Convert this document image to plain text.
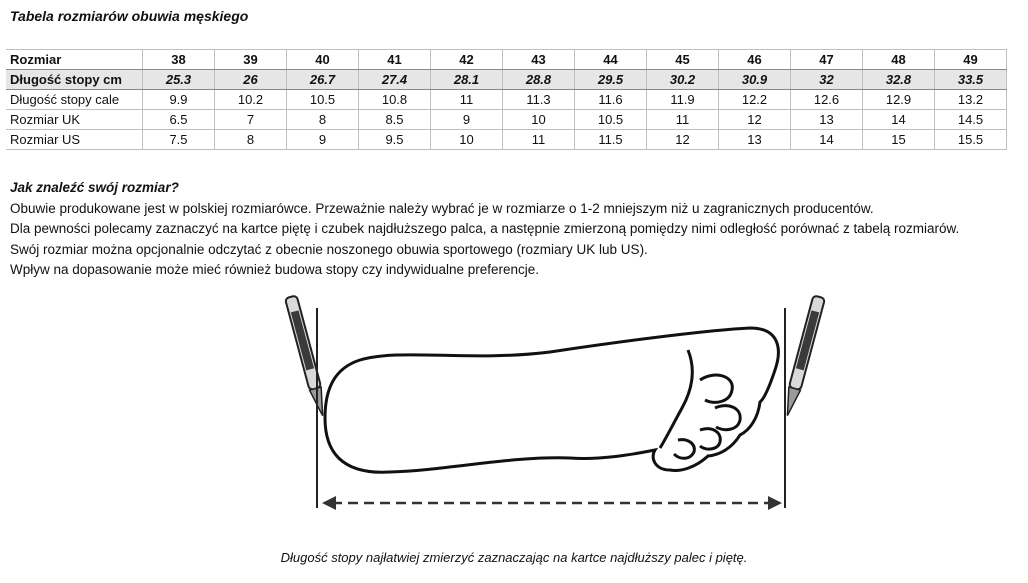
Tabela rozmiarów obuwia męskiego
Rozmiar	38	39	40	41	42	43	44	45	46	47	48	49
Długość stopy cm	25.3	26	26.7	27.4	28.1	28.8	29.5	30.2	30.9	32	32.8	33.5
Długość stopy cale	9.9	10.2	10.5	10.8	11	11.3	11.6	11.9	12.2	12.6	12.9	13.2
Rozmiar UK	6.5	7	8	8.5	9	10	10.5	11	12	13	14	14.5
Rozmiar US	7.5	8	9	9.5	10	11	11.5	12	13	14	15	15.5
Jak znaleźć swój rozmiar?
Obuwie produkowane jest w polskiej rozmiarówce. Przeważnie należy wybrać je w rozmiarze o 1-2 mniejszym niż u zagranicznych producentów.
Dla pewności polecamy zaznaczyć na kartce piętę i czubek najdłuższego palca, a następnie zmierzoną pomiędzy nimi odległość porównać z tabelą rozmiarów.
Swój rozmiar można opcjonalnie odczytać z obecnie noszonego obuwia sportowego (rozmiary UK lub US).
Wpływ na dopasowanie może mieć również budowa stopy czy indywidualne preferencje.
Długość stopy najłatwiej zmierzyć zaznaczając na kartce najdłuższy palec i piętę.
